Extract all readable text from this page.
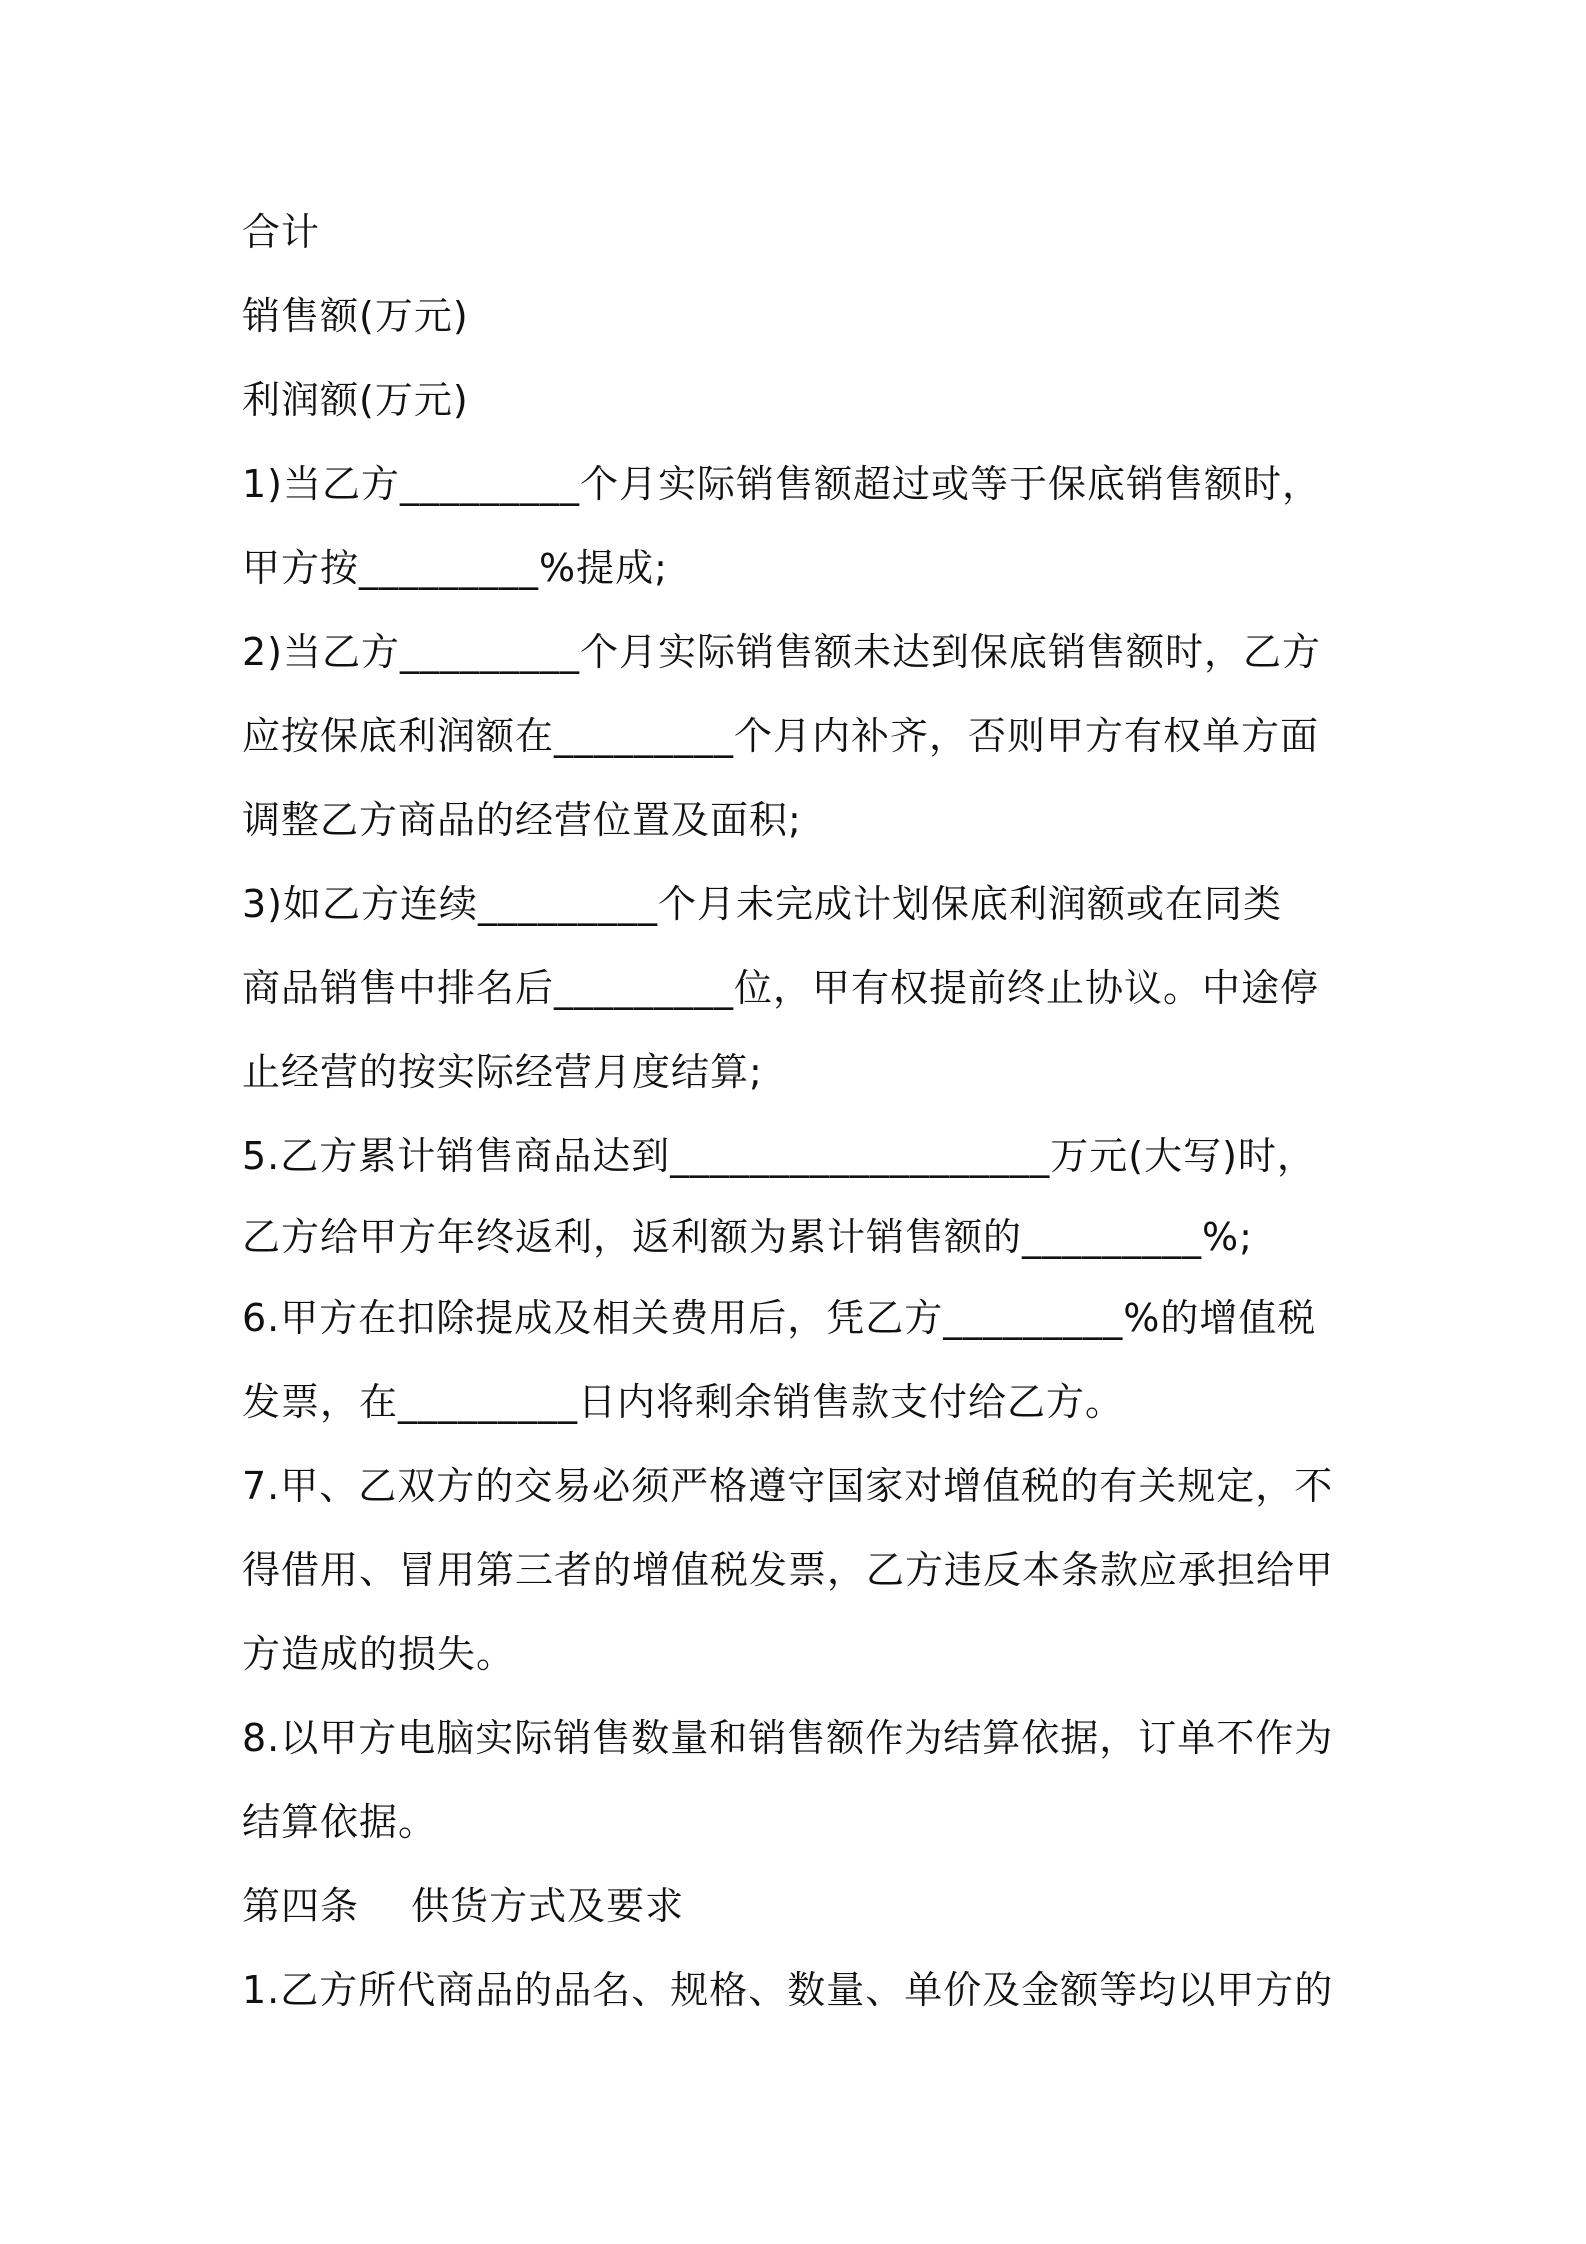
合计
销售额(万元)
利润额(万元)
1)当乙方_________个月实际销售额超过或等于保底销售额时，
甲方按_________%提成;
2)当乙方_________个月实际销售额未达到保底销售额时，乙方
应按保底利润额在_________个月内补齐，否则甲方有权单方面
调整乙方商品的经营位置及面积;
3)如乙方连续_________个月未完成计划保底利润额或在同类
商品销售中排名后_________位，甲有权提前终止协议。中途停
止经营的按实际经营月度结算;
5.乙方累计销售商品达到___________________万元(大写)时，
乙方给甲方年终返利，返利额为累计销售额的_________%;
6.甲方在扣除提成及相关费用后，凭乙方_________%的增值税
发票，在_________日内将剩余销售款支付给乙方。
7.甲、乙双方的交易必须严格遵守国家对增值税的有关规定，不
得借用、冒用第三者的增值税发票，乙方违反本条款应承担给甲
方造成的损失。
8.以甲方电脑实际销售数量和销售额作为结算依据，订单不作为
结算依据。
第四条　 供货方式及要求
1.乙方所代商品的品名、规格、数量、单价及金额等均以甲方的
